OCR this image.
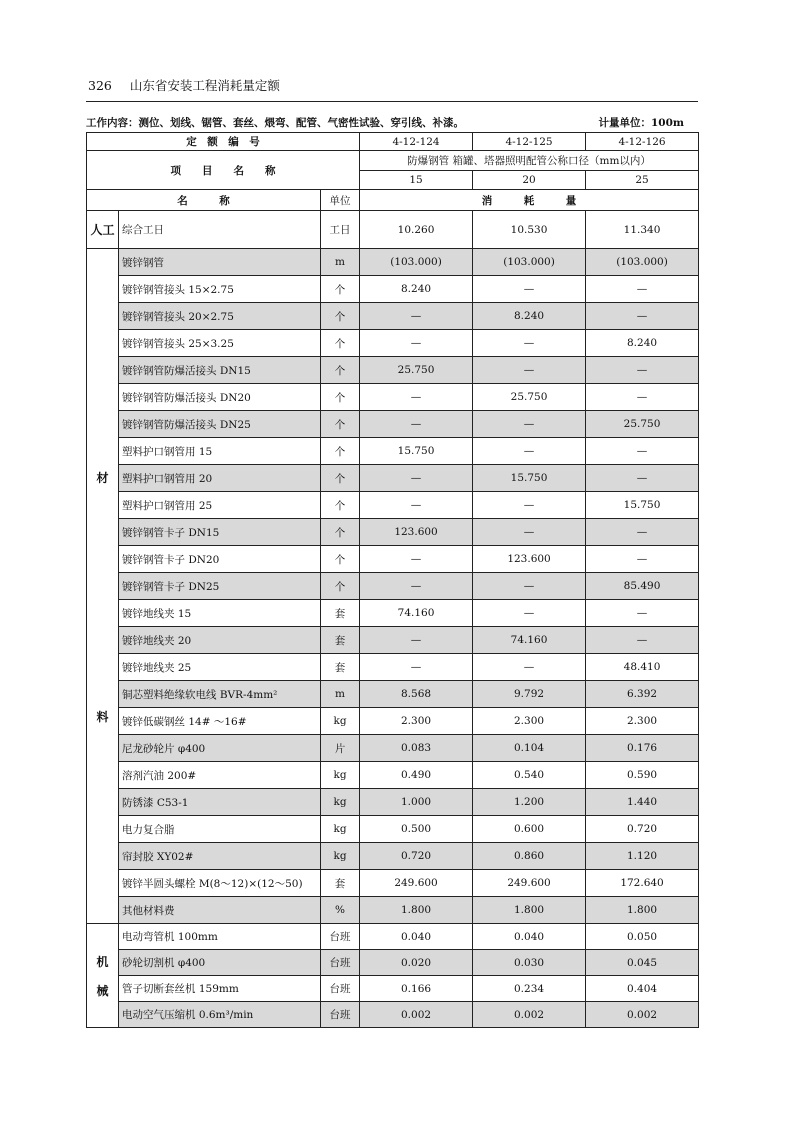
326 山东省安装工程消耗量定额
工作内容：测位、划线、锯管、套丝、煨弯、配管、气密性试验、穿引线、补漆。	计量单位：100m
定　额　编　号			4-12-124	4-12-125	4-12-126
项　　目　　名　　称			防爆钢管 箱罐、塔器照明配管公称口径（mm以内）		
			15	20	25
名　　　称		单位	消　　　耗　　　量		

人工	综合工日	工日	10.260	10.530	11.340

材
料	镀锌钢管	m	(103.000)	(103.000)	(103.000)
	镀锌钢管接头 15×2.75	个	8.240	—	—
	镀锌钢管接头 20×2.75	个	—	8.240	—
	镀锌钢管接头 25×3.25	个	—	—	8.240
	镀锌钢管防爆活接头 DN15	个	25.750	—	—
	镀锌钢管防爆活接头 DN20	个	—	25.750	—
	镀锌钢管防爆活接头 DN25	个	—	—	25.750
	塑料护口钢管用 15	个	15.750	—	—
	塑料护口钢管用 20	个	—	15.750	—
	塑料护口钢管用 25	个	—	—	15.750
	镀锌钢管卡子 DN15	个	123.600	—	—
	镀锌钢管卡子 DN20	个	—	123.600	—
	镀锌钢管卡子 DN25	个	—	—	85.490
	镀锌地线夹 15	套	74.160	—	—
	镀锌地线夹 20	套	—	74.160	—
	镀锌地线夹 25	套	—	—	48.410
	铜芯塑料绝缘软电线 BVR-4mm²	m	8.568	9.792	6.392
	镀锌低碳钢丝 14# ～16#	kg	2.300	2.300	2.300
	尼龙砂轮片 φ400	片	0.083	0.104	0.176
	溶剂汽油 200#	kg	0.490	0.540	0.590
	防锈漆 C53-1	kg	1.000	1.200	1.440
	电力复合脂	kg	0.500	0.600	0.720
	帘封胶 XY02#	kg	0.720	0.860	1.120
	镀锌半圆头螺栓 M(8～12)×(12～50)	套	249.600	249.600	172.640
	其他材料费	%	1.800	1.800	1.800

机
械	电动弯管机 100mm	台班	0.040	0.040	0.050
	砂轮切割机 φ400	台班	0.020	0.030	0.045
	管子切断套丝机 159mm	台班	0.166	0.234	0.404
	电动空气压缩机 0.6m³/min	台班	0.002	0.002	0.002
